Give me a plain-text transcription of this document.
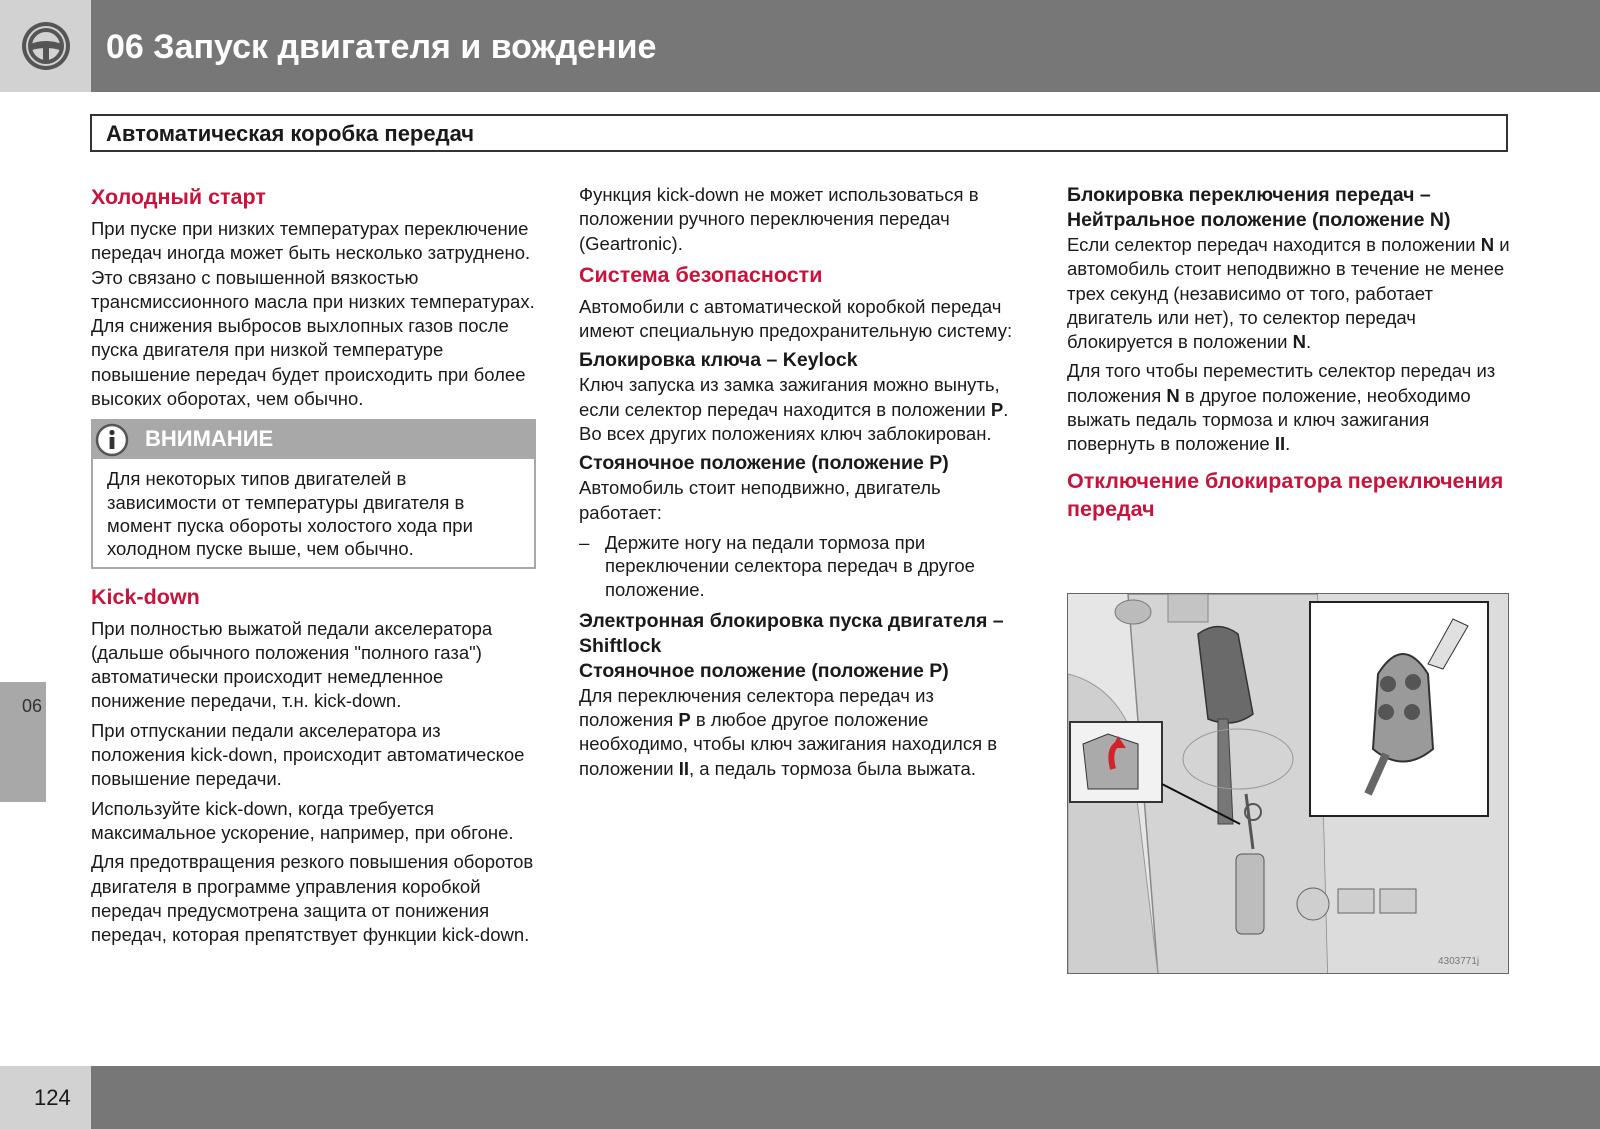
06 Запуск двигателя и вождение
Автоматическая коробка передач
Холодный старт

При пуске при низких температурах переключение передач иногда может быть несколько затруднено. Это связано с повышенной вязкостью трансмиссионного масла при низких температурах. Для снижения выбросов выхлопных газов после пуска двигателя при низкой температуре повышение передач будет происходить при более высоких оборотах, чем обычно.

ВНИМАНИЕ
Для некоторых типов двигателей в зависимости от температуры двигателя в момент пуска обороты холостого хода при холодном пуске выше, чем обычно.
Kick-down

При полностью выжатой педали акселератора (дальше обычного положения "полного газа") автоматически происходит немедленное понижение передачи, т.н. kick-down.

При отпускании педали акселератора из положения kick-down, происходит автоматическое повышение передачи.

Используйте kick-down, когда требуется максимальное ускорение, например, при обгоне.

Для предотвращения резкого повышения оборотов двигателя в программе управления коробкой передач предусмотрена защита от понижения передач, которая препятствует функции kick-down.

Функция kick-down не может использоваться в положении ручного переключения передач (Geartronic).

Система безопасности

Автомобили с автоматической коробкой передач имеют специальную предохранительную систему:

Блокировка ключа – Keylock

Ключ запуска из замка зажигания можно вынуть, если селектор передач находится в положении P. Во всех других положениях ключ заблокирован.

Стояночное положение (положение P)

Автомобиль стоит неподвижно, двигатель работает:

– Держите ногу на педали тормоза при переключении селектора передач в другое положение.
Электронная блокировка пуска двигателя – Shiftlock
Стояночное положение (положение P)

Для переключения селектора передач из положения P в любое другое положение необходимо, чтобы ключ зажигания находился в положении II, а педаль тормоза была выжата.

Блокировка переключения передач – Нейтральное положение (положение N)

Если селектор передач находится в положении N и автомобиль стоит неподвижно в течение не менее трех секунд (независимо от того, работает двигатель или нет), то селектор передач блокируется в положении N.

Для того чтобы переместить селектор передач из положения N в другое положение, необходимо выжать педаль тормоза и ключ зажигания повернуть в положение II.

Отключение блокиратора переключения передач
4303771j
06
124
